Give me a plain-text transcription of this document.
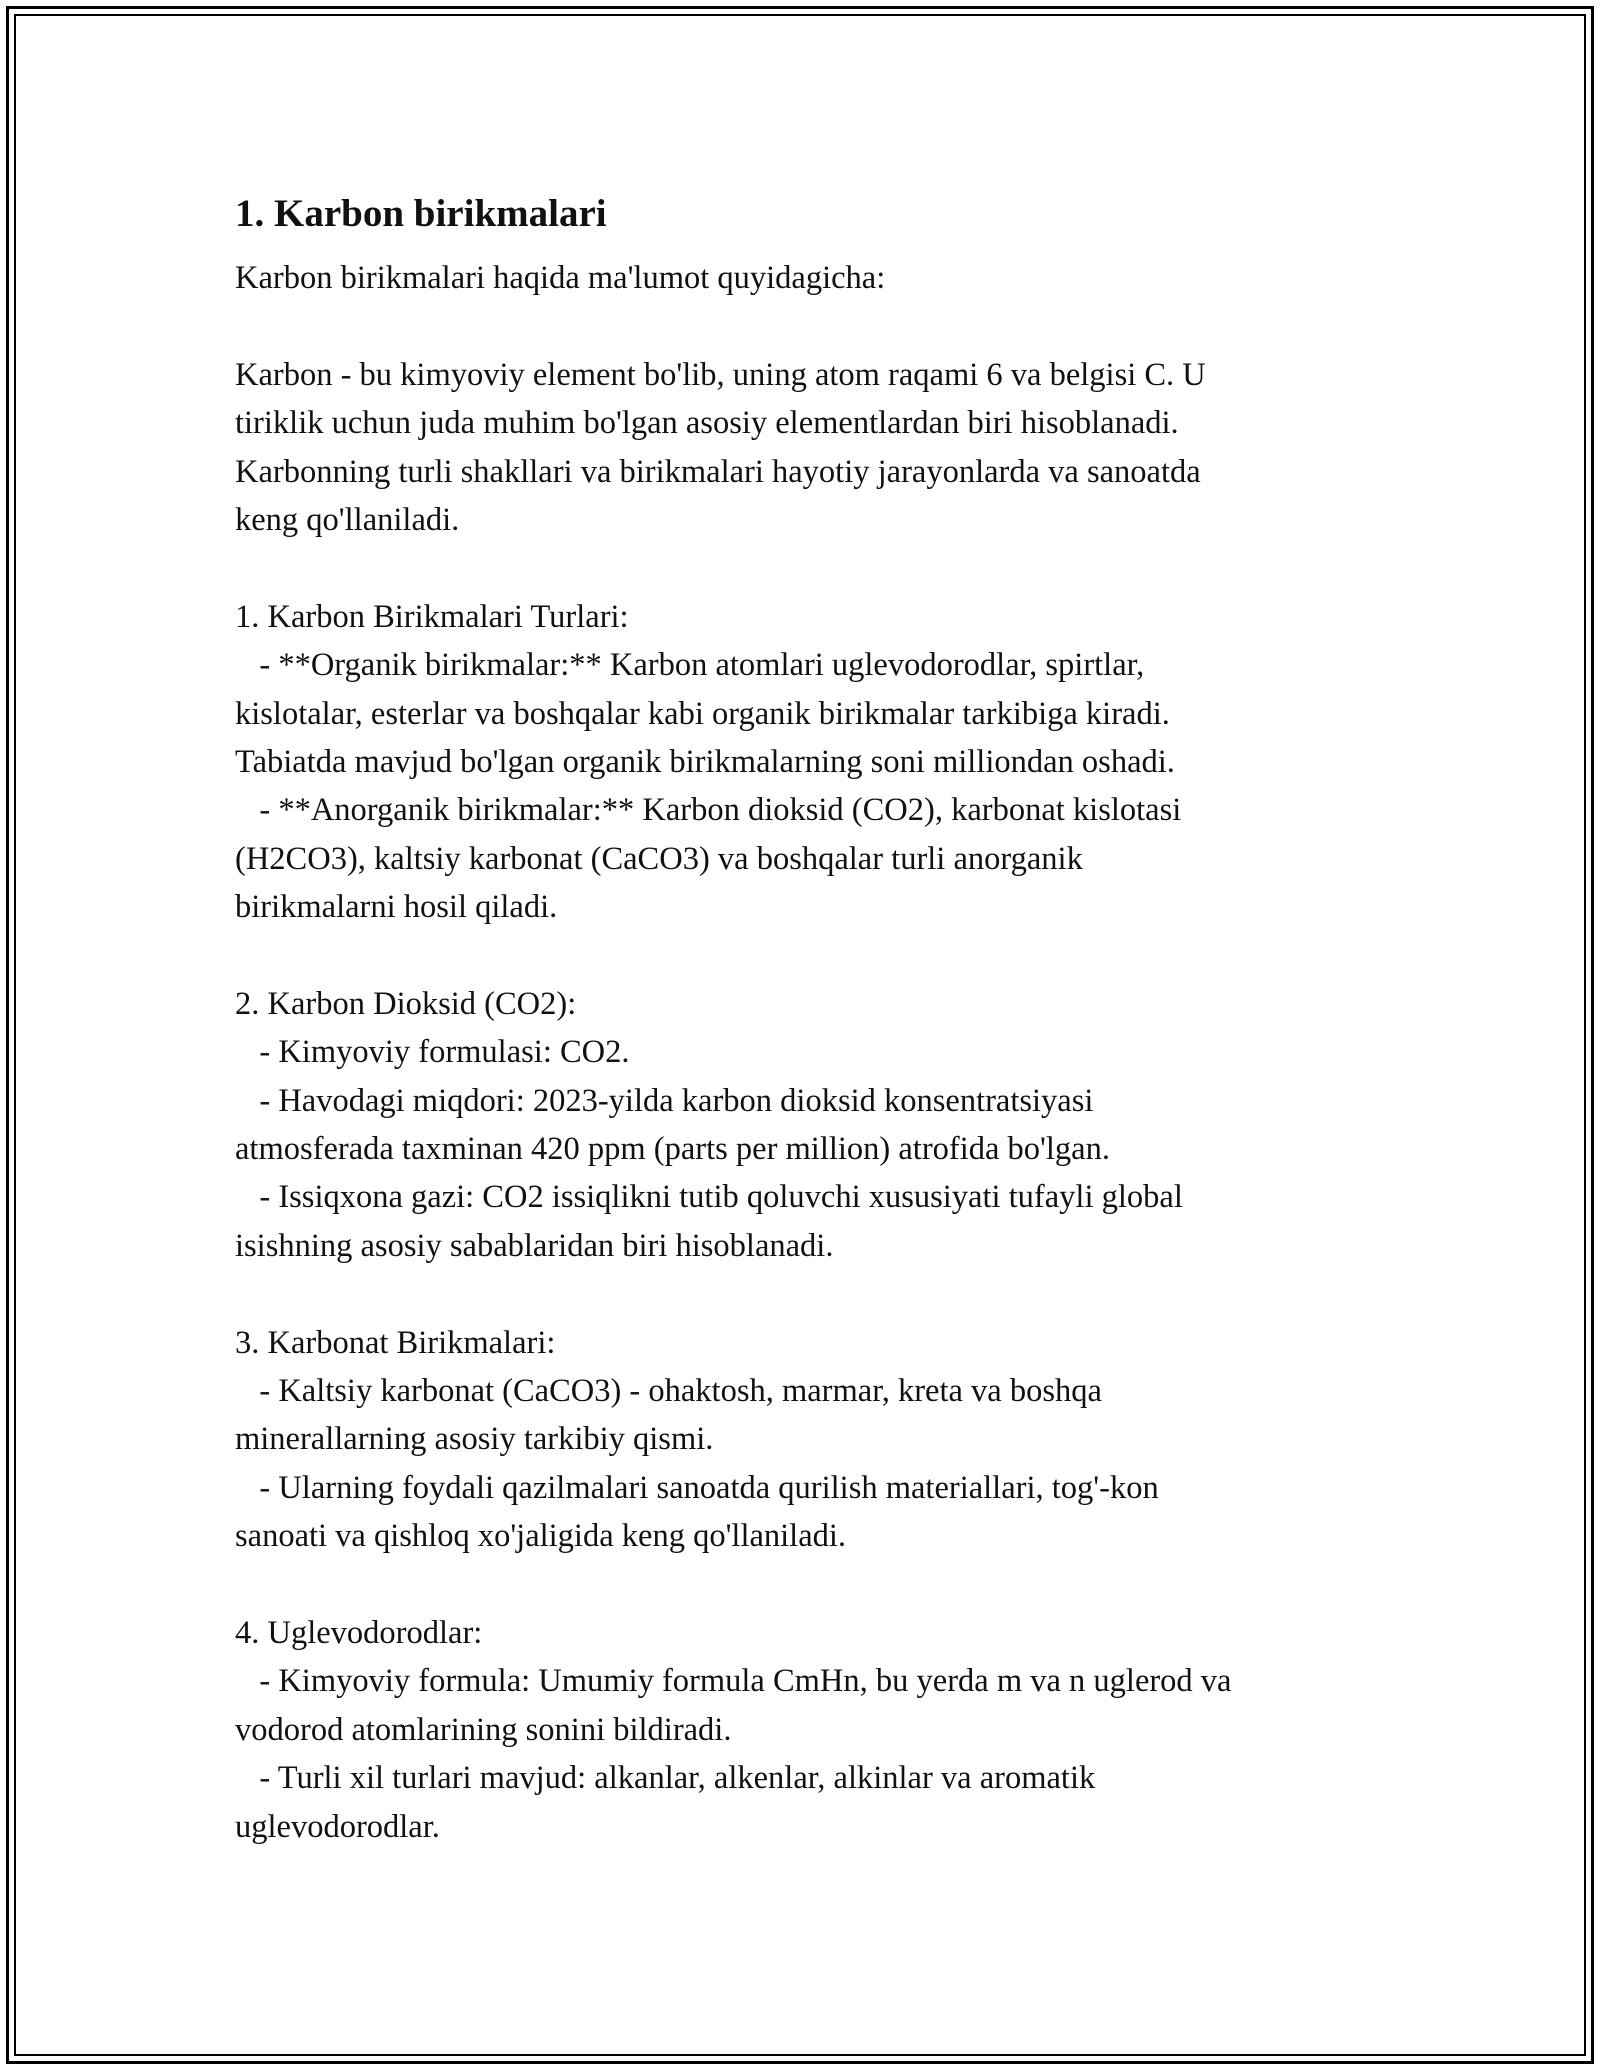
1. Karbon birikmalari
Karbon birikmalari haqida ma'lumot quyidagicha:
Karbon - bu kimyoviy element bo'lib, uning atom raqami 6 va belgisi C. U
tiriklik uchun juda muhim bo'lgan asosiy elementlardan biri hisoblanadi.
Karbonning turli shakllari va birikmalari hayotiy jarayonlarda va sanoatda
keng qo'llaniladi.
1. Karbon Birikmalari Turlari:
- **Organik birikmalar:** Karbon atomlari uglevodorodlar, spirtlar,
kislotalar, esterlar va boshqalar kabi organik birikmalar tarkibiga kiradi.
Tabiatda mavjud bo'lgan organik birikmalarning soni milliondan oshadi.
- **Anorganik birikmalar:** Karbon dioksid (CO2), karbonat kislotasi
(H2CO3), kaltsiy karbonat (CaCO3) va boshqalar turli anorganik
birikmalarni hosil qiladi.
2. Karbon Dioksid (CO2):
- Kimyoviy formulasi: CO2.
- Havodagi miqdori: 2023-yilda karbon dioksid konsentratsiyasi
atmosferada taxminan 420 ppm (parts per million) atrofida bo'lgan.
- Issiqxona gazi: CO2 issiqlikni tutib qoluvchi xususiyati tufayli global
isishning asosiy sabablaridan biri hisoblanadi.
3. Karbonat Birikmalari:
- Kaltsiy karbonat (CaCO3) - ohaktosh, marmar, kreta va boshqa
minerallarning asosiy tarkibiy qismi.
- Ularning foydali qazilmalari sanoatda qurilish materiallari, tog'-kon
sanoati va qishloq xo'jaligida keng qo'llaniladi.
4. Uglevodorodlar:
- Kimyoviy formula: Umumiy formula CmHn, bu yerda m va n uglerod va
vodorod atomlarining sonini bildiradi.
- Turli xil turlari mavjud: alkanlar, alkenlar, alkinlar va aromatik
uglevodorodlar.
